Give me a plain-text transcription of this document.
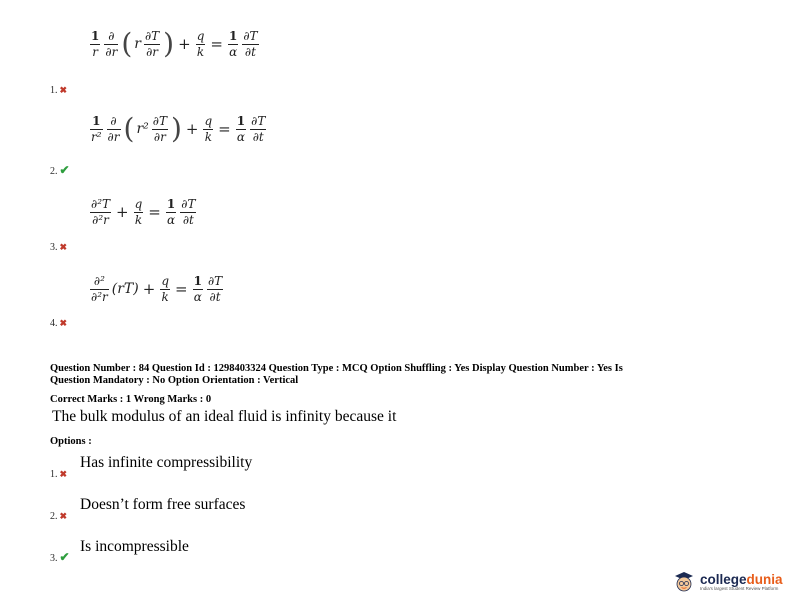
$\frac{1}{r} \frac{\partial}{\partial r}$ ( r $\frac{\partial T}{\partial r}$ ) + $\frac{q}{k} = \frac{1}{\alpha} \frac{\partial T}{\partial t}$
1. ✖
$\frac{1}{\text{r²}} \frac{\partial}{\partial r}$ ( $r^2 \frac{\partial T}{\partial r}$ ) + $\frac{q}{k} = \frac{1}{\alpha} \frac{\partial T}{\partial t}$
2. ✔
$\frac{\text{∂²T}}{\text{∂²r}} + \frac{q}{k} = \frac{1}{\alpha} \frac{\partial T}{\partial t}$
3. ✖
$\frac{\text{∂²}}{\text{∂²r}} (rT) + \frac{q}{k} = \frac{1}{\alpha} \frac{\partial T}{\partial t}$
4. ✖
Question Number : 84 Question Id : 1298403324 Question Type : MCQ Option Shuffling : Yes Display Question Number : Yes Is
Question Mandatory : No Option Orientation : Vertical
Correct Marks : 1 Wrong Marks : 0
The bulk modulus of an ideal fluid is infinity because it
Options :
1. ✖
Has infinite compressibility
2. ✖
Doesn’t form free surfaces
3. ✔
Is incompressible
collegedunia
India's largest Student Review Platform
